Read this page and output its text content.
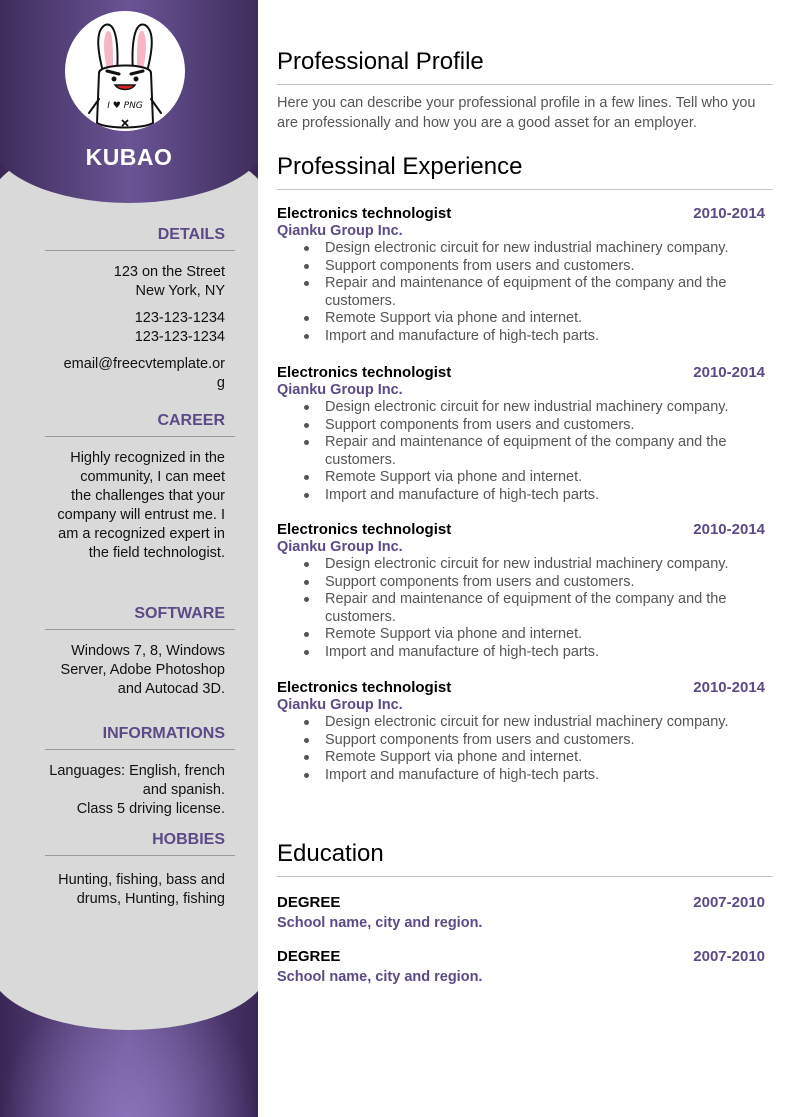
I ♥ PNG
KUBAO
DETAILS
123 on the Street
New York, NY
123-123-1234
123-123-1234
email@freecvtemplate.or
g
CAREER
Highly recognized in the
community, I can meet
the challenges that your
company will entrust me. I
am a recognized expert in
the field technologist.
SOFTWARE
Windows 7, 8, Windows
Server, Adobe Photoshop
and Autocad 3D.
INFORMATIONS
Languages: English, french
and spanish.
Class 5 driving license.
HOBBIES
Hunting, fishing, bass and
drums, Hunting, fishing
Professional Profile
Here you can describe your professional profile in a few lines. Tell who you are professionally and how you are a good asset for an employer.
Professinal Experience
Electronics technologist	2010-2014
Qianku Group Inc.
Design electronic circuit for new industrial machinery company.
Support components from users and customers.
Repair and maintenance of equipment of the company and the customers.
Remote Support via phone and internet.
Import and manufacture of high-tech parts.
Electronics technologist	2010-2014
Qianku Group Inc.
Design electronic circuit for new industrial machinery company.
Support components from users and customers.
Repair and maintenance of equipment of the company and the customers.
Remote Support via phone and internet.
Import and manufacture of high-tech parts.
Electronics technologist	2010-2014
Qianku Group Inc.
Design electronic circuit for new industrial machinery company.
Support components from users and customers.
Repair and maintenance of equipment of the company and the customers.
Remote Support via phone and internet.
Import and manufacture of high-tech parts.
Electronics technologist	2010-2014
Qianku Group Inc.
Design electronic circuit for new industrial machinery company.
Support components from users and customers.
Remote Support via phone and internet.
Import and manufacture of high-tech parts.
Education
DEGREE	2007-2010
School name, city and region.
DEGREE	2007-2010
School name, city and region.
